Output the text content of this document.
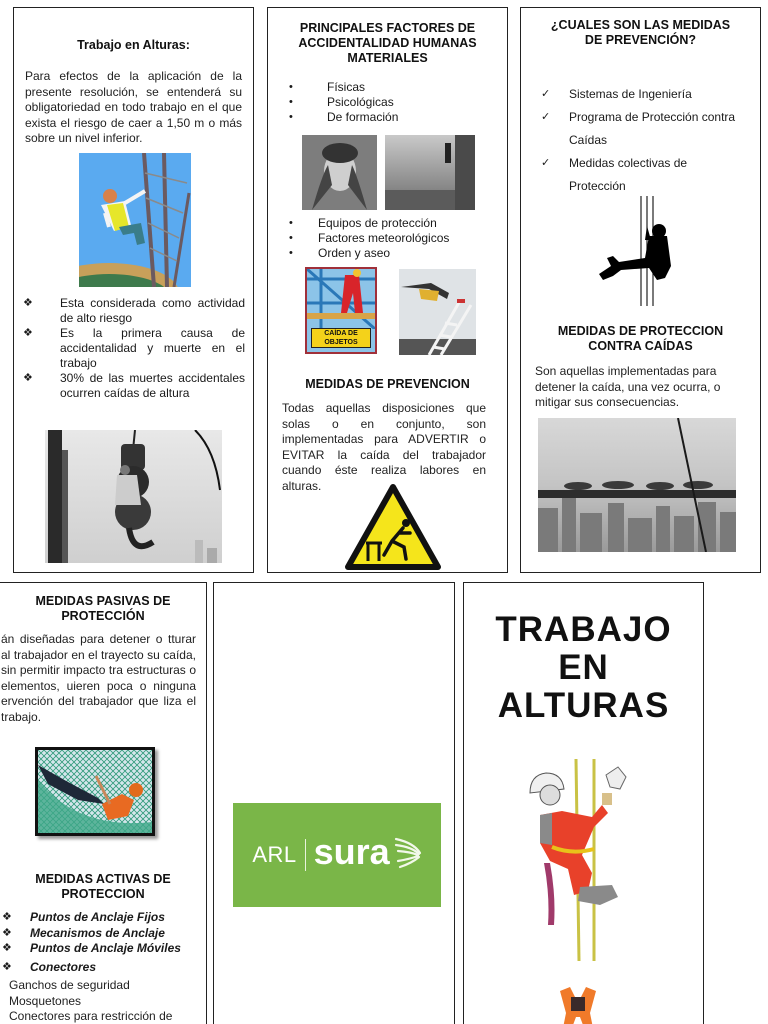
Trabajo en Alturas:
Para efectos de la aplicación de la presente resolución, se entenderá su obligatoriedad en todo trabajo en el que exista el riesgo de caer a 1,50 m o más sobre un nivel inferior.
❖ Esta considerada como actividad de alto riesgo
❖ Es la primera causa de accidentalidad y muerte en el trabajo
❖ 30% de las muertes accidentales ocurren caídas de altura
PRINCIPALES FACTORES DE ACCIDENTALIDAD HUMANAS MATERIALES
•	Físicas
•	Psicológicas
•	De formación
• Equipos de protección
• Factores meteorológicos
• Orden y aseo
CAÍDA DE
OBJETOS
MEDIDAS DE PREVENCION
Todas aquellas disposiciones que solas o en conjunto, son implementadas para ADVERTIR o EVITAR la caída del trabajador cuando éste realiza labores en alturas.
¿CUALES SON LAS MEDIDAS DE PREVENCIÓN?
✓ Sistemas de Ingeniería
✓ Programa de Protección contra Caídas
✓ Medidas colectivas de Protección
MEDIDAS DE PROTECCION CONTRA CAÍDAS
Son aquellas implementadas para detener la caída, una vez ocurra, o mitigar sus consecuencias.
MEDIDAS PASIVAS DE PROTECCIÓN
án diseñadas para detener o tturar al trabajador en el trayecto su caída, sin permitir impacto tra estructuras o elementos, uieren poca o ninguna ervención del trabajador que liza el trabajo.
MEDIDAS ACTIVAS DE PROTECCION
❖ Puntos de Anclaje Fijos
❖ Mecanismos de Anclaje
❖ Puntos de Anclaje Móviles
❖ Conectores
Ganchos de seguridad
Mosquetones
Conectores para restricción de
ARL sura
TRABAJO
EN
ALTURAS
